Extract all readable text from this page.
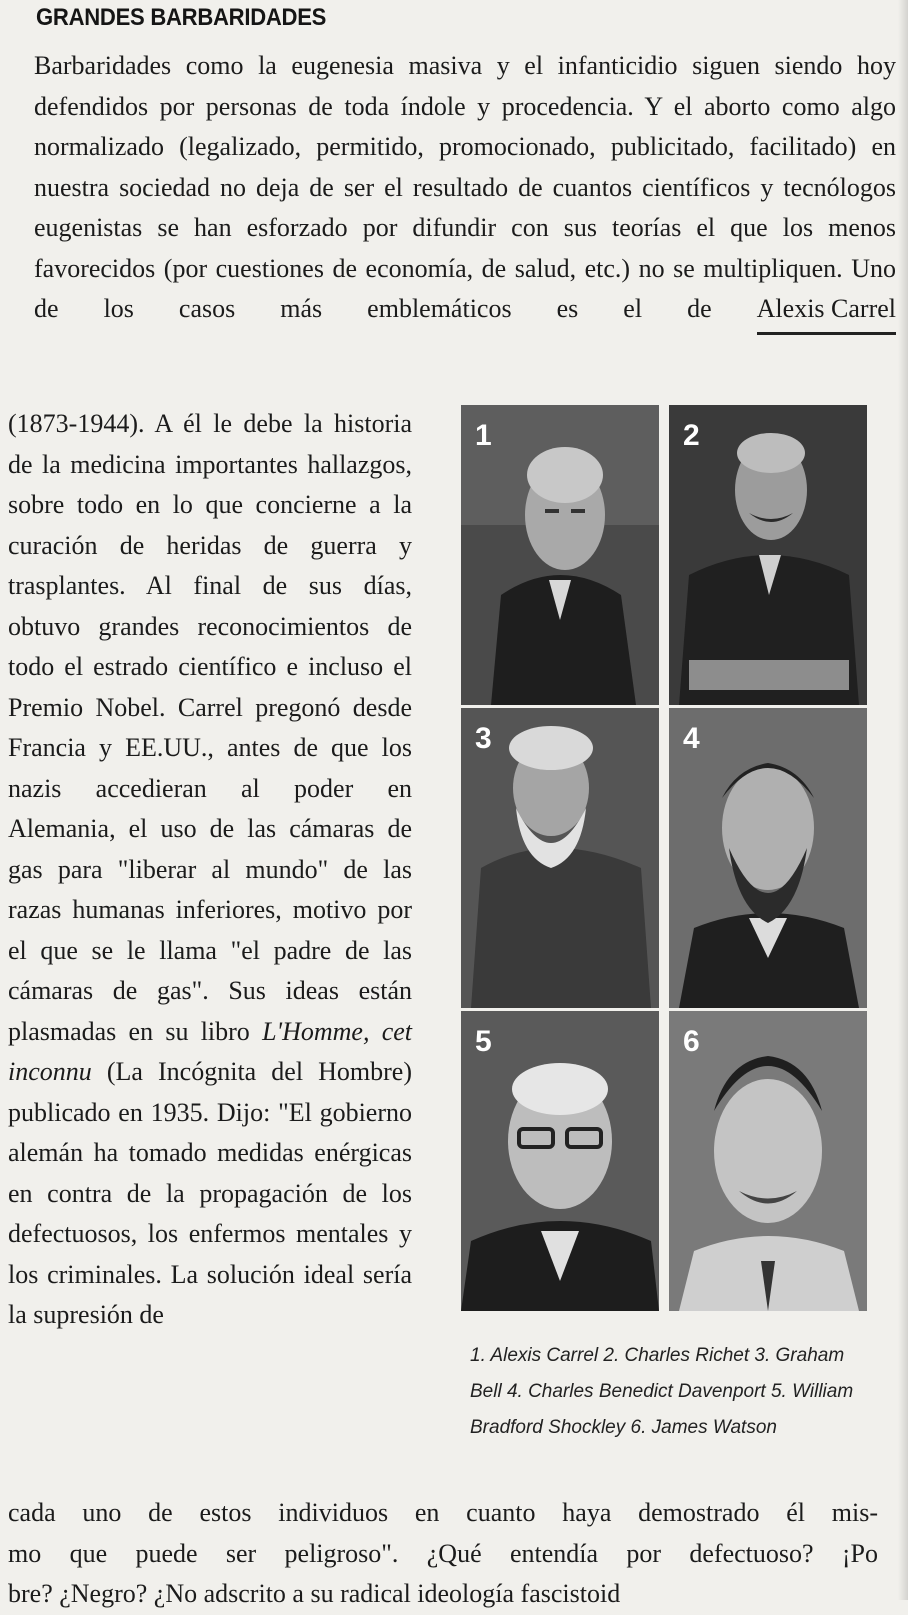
GRANDES BARBARIDADES

Barbaridades como la eugenesia masiva y el infanticidio siguen siendo hoy defendidos por personas de toda índole y procedencia. Y el aborto como algo normalizado (legalizado, permitido, promocionado, publicitado, facilitado) en nuestra sociedad no deja de ser el resultado de cuantos científicos y tecnólogos eugenistas se han esforzado por difundir con sus teorías el que los menos favorecidos (por cuestiones de economía, de salud, etc.) no se multipliquen. Uno de los casos más emblemáticos es el de Alexis Carrel

(1873-1944). A él le debe la historia de la medicina importantes hallazgos, sobre todo en lo que concierne a la curación de heridas de guerra y trasplantes. Al final de sus días, obtuvo grandes reconocimientos de todo el estrado científico e incluso el Premio Nobel. Carrel pregonó desde Francia y EE.UU., antes de que los nazis accedieran al poder en Alemania, el uso de las cámaras de gas para "liberar al mundo" de las razas humanas inferiores, motivo por el que se le llama "el padre de las cámaras de gas". Sus ideas están plasmadas en su libro L'Homme, cet inconnu (La Incógnita del Hombre) publicado en 1935. Dijo: "El gobierno alemán ha tomado medidas enérgicas en contra de la propagación de los defectuosos, los enfermos mentales y los criminales. La solución ideal sería la supresión de

1	2
3	4
5	6

1. Alexis Carrel 2. Charles Richet 3. Graham Bell 4. Charles Benedict Davenport 5. William Bradford Shockley 6. James Watson

cada uno de estos individuos en cuanto haya demostrado él mis-
mo que puede ser peligroso". ¿Qué entendía por defectuoso? ¡Po
bre? ¿Negro? ¿No adscrito a su radical ideología fascistoid
